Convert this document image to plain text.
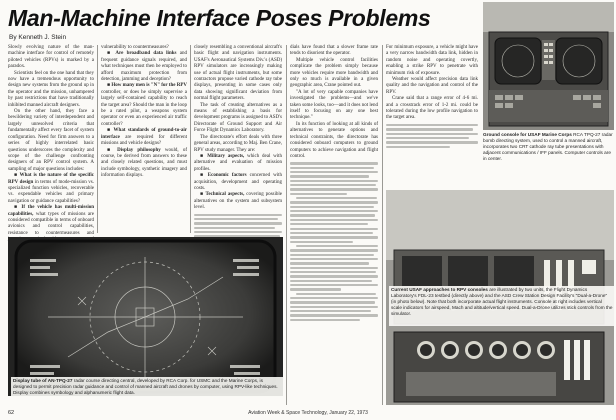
Man-Machine Interface Poses Problems
By Kenneth J. Stein

Slowly evolving nature of the man-machine interface for control of remotely piloted vehicles (RPVs) is marked by a paradox.

Scientists feel on the one hand that they now have a tremendous opportunity to design new systems from the ground up in the operator and the mission, unhampered by past restrictions that have traditionally inhibited manned aircraft designers.

On the other hand, they face a bewildering variety of interdependent and largely unresolved criteria that fundamentally affect every facet of system configuration. Need for firm answers to a series of highly interrelated basic questions underscores the complexity and scope of the challenge confronting designers of an RPV control system. A sampling of major questions includes:

■ What is the nature of the specific RPV design in terms of mode-mission vs. specialized function vehicles, recoverable vs. expendable vehicles and primary navigation or guidance capabilities?

■ If the vehicle has multi-mission capabilities, what types of missions are considered compatible in terms of onboard avionics and control capabilities, resistance to countermeasures and

vulnerability to countermeasures?

■ Are broadband data links and frequent guidance signals required, and what techniques must then be employed to afford maximum protection from detection, jamming and deception?

■ How many men is "N" for the RPV controller, or does he simply supervise a largely self-contained capability to reach the target area? Should the man in the loop be a rated pilot, a weapons system operator or even an experienced air traffic controller?

■ What standards of ground-to-air interface are required for different missions and vehicle designs?

■ Display philosophy would, of course, be derived from answers to these and closely related questions, and must include symbology, synthetic imagery and information displays.

closely resembling a conventional aircraft's basic flight and navigation instruments. USAF's Aeronautical Systems Div.'s (ASD) RPV simulators are increasingly making use of actual flight instruments, but some contractors propose varied cathode ray tube displays, presenting in some cases only data showing significant deviation from normal flight parameters.

The task of creating alternatives as a means of establishing a basis for development programs is assigned to ASD's Directorate of Ground Support and Air Force Flight Dynamics Laboratory.

The directorate's effort deals with three general areas, according to Maj. Ben Crane, RPV study manager. They are:

■ Military aspects, which deal with alternative and evaluation of mission profiles.

■ Economic factors concerned with acquisition, development and operating costs.

■ Technical aspects, covering possible alternatives on the system and subsystem level.

dials have found that a slower frame rate tends to disorient the operator.

Multiple vehicle control facilities complicate the problem simply because more vehicles require more bandwidth and only so much is available in a given geographic area, Crane pointed out.

"A lot of very capable companies have investigated the problems—and we've taken some looks, too—and it does not lend itself to focusing on any one best technique."

In its function of looking at all kinds of alternatives to generate options and technical constraints, the directorate has considered onboard computers to ground computers to achieve navigation and flight control.

For minimum exposure, a vehicle might have a very narrow bandwidth data link, hidden in random noise and operating covertly, enabling a strike RPV to penetrate with minimum risk of exposure.

Weather would affect precision data link quality and the navigation and control of the RPV.

Crane said that a range error of 4-6 mi. and a crosstrack error of 1-2 mi. could be tolerated during the low profile navigation to the target area.

Display tube of AN-TPQ-27 radar course directing central, developed by RCA Corp. for USMC and the Marine Corps, is designed to permit precision radar guidance and control of manned aircraft and drones by computer, using RPV-like techniques. Display combines symbology and alphanumeric flight data.
Ground console for USAF Marine Corps RCA TPQ-27 radar bomb directing system, used to control a manned aircraft, incorporates two CRT cathode ray tube presentations with adjacent communications / IFF panels. Computer controls are in center.
Current USAF approaches to RPV consoles are illustrated by two units, the Flight Dynamics Laboratory's FDL-23 testbed (directly above) and the ASD Crew Station Design Facility's "Dual-a-Drone" (in photo below). Note that both incorporate actual flight instruments. Console at right includes vertical scale indicators for airspeed, Mach and altitude/vertical speed. Dual-a-Drone utilizes stick controls from the simulator.
62	Aviation Week & Space Technology, January 22, 1973
